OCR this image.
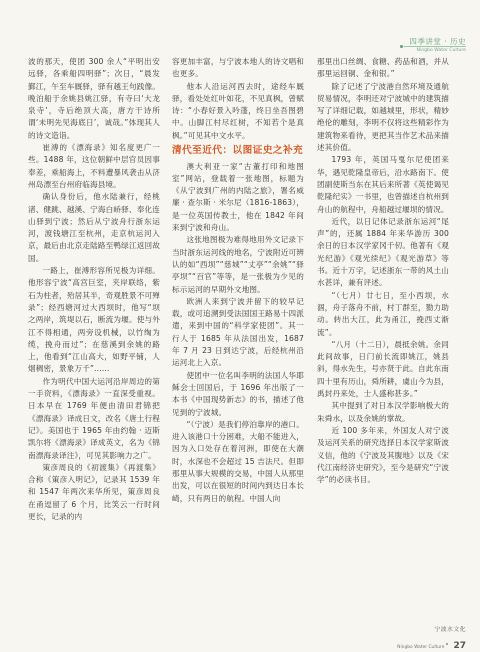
四季讲堂 · 历史
Ningbo Water Culture

波的那天，使团 300 余人“平明出安远驿，各乘船四明驿”；次日，“晨发鄞江，午至车厩驿，驿有越王句践像。晚泊船于余姚县姚江驿，有寺曰‘大龙泉寺’，寺后绝顶大高，唐方干诗所谓‘未明先见海底日’，诚哉。”体现其人的诗文造诣。

崔溥的《漂海录》知名度更广一些。1488 年，这位朝鲜中层官员因事奉差，乘船海上，不料遭暴风袭击从济州岛漂至台州府临海县境。

确认身份后，他水陆兼行，经桃渚、健跳、越溪、宁海白峤驿、奉化连山驿到宁波；然后从宁波舟行浙东运河，渡钱塘江至杭州，走京杭运河入京，最后由北京走陆路至鸭绿江返回故国。

一路上，崔溥形容所见极为详细。他形容宁波“高宫巨室，夹岸联络，紫石为柱者，殆居其半，奇观胜景不可殚录”；经西塘河过大西坝时，他写“坝之两岸，筑堤以石，断流为堰。使与外江不得相通，两旁设机械，以竹绹为缆，挽舟而过”；在慈溪到余姚的路上，他看到“江山高大，如野平铺，人烟稠密，景象万千”……

作为明代中国大运河沿岸周边的第一手资料，《漂海录》一直深受重视。日本早在 1769 年便由清田君锦把《漂海录》译成日文，改名《唐土行程记》。美国也于 1965 年由约翰 · 迈斯凯尔将《漂海录》译成英文，名为《锦南漂海录译注》，可见其影响力之广。

策彦周良的《初渡集》《再渡集》合称《策彦入明记》，记录其 1539 年和 1547 年两次来华所见，策彦周良在甬逗留了 6 个月，比笑云一行时间更长，记录的内

容更加丰富，与宁波本地人的诗文唱和也更多。

他本人沿运河西去时，途经车厩驿，看处处红叶如花，不见真枫，曾赋诗：“小春好景入吟蓬，终日坐吾图碧中。山脚江村尽红树，不知若个是真枫。”可见其中文水平。

清代至近代：以图证史之补充

澳大利亚一家“古董打印和地图室”网站，登载着一张地图，标题为《从宁波到广州的内陆之旅》，署名威廉 · 查尔斯 · 米尔尼（1816-1863），是一位英国传教士，他在 1842 年间来到宁波和舟山。

这张地图极为难得地用外文记录下当时浙东运河线的地名，宁波附近可辨认的如“西坝”“慈城”“丈亭”“余姚”“驿亭坝”“百官”等等，是一张极为少见的标示运河的早期外文地图。

欧洲人来到宁波并留下的较早记载，或可追溯到受法国国王路易十四派遣，来到中国的“科学家使团”。其一行人于 1685 年从法国出发，1687 年 7 月 23 日到达宁波，后经杭州沿运河北上入京。

使团中一位名叫李明的法国人华耶稣会士回国后，于 1696 年出版了一本书《中国现势新志》的书，描述了他见到的宁波城。

“（宁波）是我们停泊靠岸的港口。进入该港口十分困难，大船不能进入，因为入口处存在着河洲，即使在大潮时，水深也不会超过 15 吉法尺。但即那里从事大规模的交易，中国人从那里出发，可以在很短的时间内到达日本长崎，只有两日的航程。中国人向

那里出口丝绸、食糖、药品和酒，并从那里运回铜、金和银。”

除了记述了宁波港自然环境及通航贸易情况，李明还对宁波城中的建筑描写了详细记载，如越城里，形状，精妙绝伦的雕刻，李明不仅将这些精彩作为建筑物来看待，更把其当作艺术品来描述其价值。

1793 年，英国马戛尔尼使团来华，遇见乾隆皇帝后，沿水路南下。使团副使斯当东在其后来所著《英使谒见乾隆纪实》一书里，也曾描述自杭州到舟山的航程中，舟船越过堰坝的情况。

近代，以日记体记录浙东运河“尾声”的，还属 1884 年来华游历 300 余日的日本汉学家冈千仞。他著有《观光纪游》《观光续纪》《观光游草》等书。近十万字，记述浙东一带的风土山水甚详，兼有评述。

“（七月）廿七日，至小西坝，水涸，舟子落舟不前，村丁群至，勠力助动。转出大江，此为甬江，挽西丈渐流”。

“八月（十二日），晨抵余姚。余同此间故事，日门前长流即姚江，姚县斜，得水先生，号亦贤于此。自此东南四十里有历山，舜所耕，虞山今为县，禹封丹来处，士人盛称甚多。”

其中提到了对日本汉学影响极大的朱舜水，以及余姚的掌故。

近 100 多年来，外国友人对宁波及运河关系的研究选择日本汉学家斯波义信，他的《宁波及其腹地》以及《宋代江南经济史研究》，至今是研究“宁波学”的必读书目。

宁波水文化
Ningbo Water Culture 27
